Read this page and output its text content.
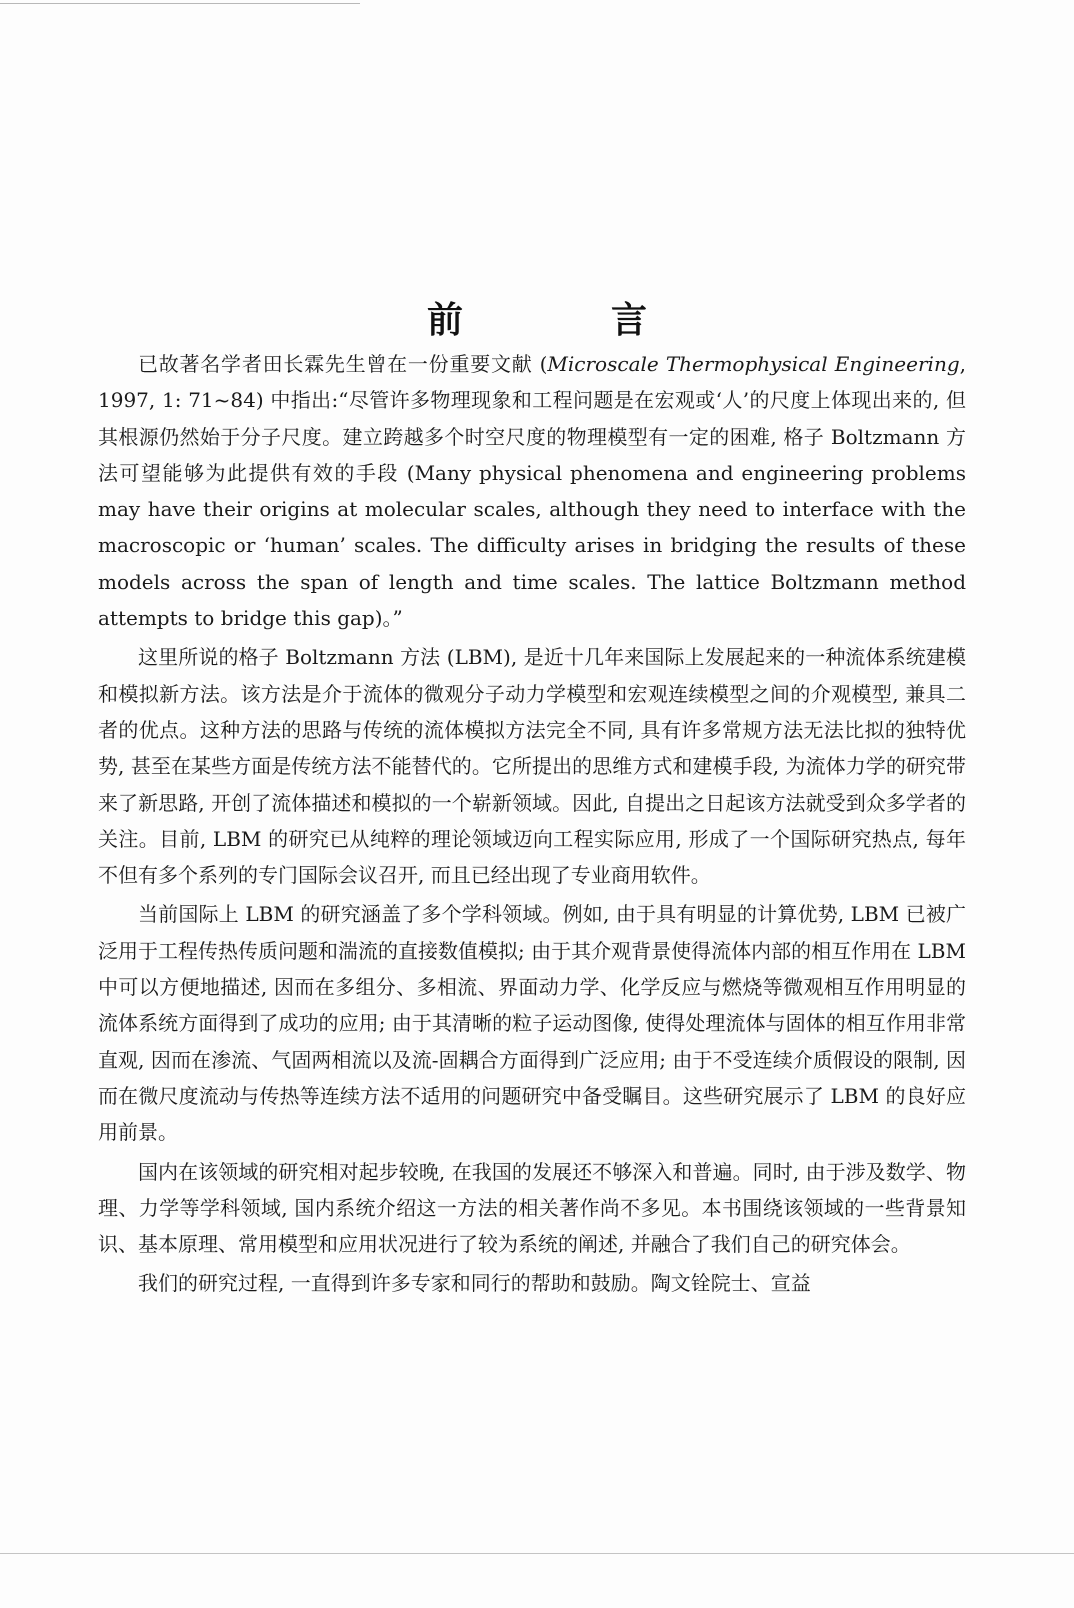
前　言

已故著名学者田长霖先生曾在一份重要文献 (Microscale Thermophysical Engineering, 1997, 1: 71~84) 中指出:“尽管许多物理现象和工程问题是在宏观或‘人’的尺度上体现出来的, 但其根源仍然始于分子尺度。建立跨越多个时空尺度的物理模型有一定的困难, 格子 Boltzmann 方法可望能够为此提供有效的手段 (Many physical phenomena and engineering problems may have their origins at molecular scales, although they need to interface with the macroscopic or ‘human’ scales. The difficulty arises in bridging the results of these models across the span of length and time scales. The lattice Boltzmann method attempts to bridge this gap)。”

这里所说的格子 Boltzmann 方法 (LBM), 是近十几年来国际上发展起来的一种流体系统建模和模拟新方法。该方法是介于流体的微观分子动力学模型和宏观连续模型之间的介观模型, 兼具二者的优点。这种方法的思路与传统的流体模拟方法完全不同, 具有许多常规方法无法比拟的独特优势, 甚至在某些方面是传统方法不能替代的。它所提出的思维方式和建模手段, 为流体力学的研究带来了新思路, 开创了流体描述和模拟的一个崭新领域。因此, 自提出之日起该方法就受到众多学者的关注。目前, LBM 的研究已从纯粹的理论领域迈向工程实际应用, 形成了一个国际研究热点, 每年不但有多个系列的专门国际会议召开, 而且已经出现了专业商用软件。

当前国际上 LBM 的研究涵盖了多个学科领域。例如, 由于具有明显的计算优势, LBM 已被广泛用于工程传热传质问题和湍流的直接数值模拟; 由于其介观背景使得流体内部的相互作用在 LBM 中可以方便地描述, 因而在多组分、多相流、界面动力学、化学反应与燃烧等微观相互作用明显的流体系统方面得到了成功的应用; 由于其清晰的粒子运动图像, 使得处理流体与固体的相互作用非常直观, 因而在渗流、气固两相流以及流-固耦合方面得到广泛应用; 由于不受连续介质假设的限制, 因而在微尺度流动与传热等连续方法不适用的问题研究中备受瞩目。这些研究展示了 LBM 的良好应用前景。

国内在该领域的研究相对起步较晚, 在我国的发展还不够深入和普遍。同时, 由于涉及数学、物理、力学等学科领域, 国内系统介绍这一方法的相关著作尚不多见。本书围绕该领域的一些背景知识、基本原理、常用模型和应用状况进行了较为系统的阐述, 并融合了我们自己的研究体会。

我们的研究过程, 一直得到许多专家和同行的帮助和鼓励。陶文铨院士、宣益
